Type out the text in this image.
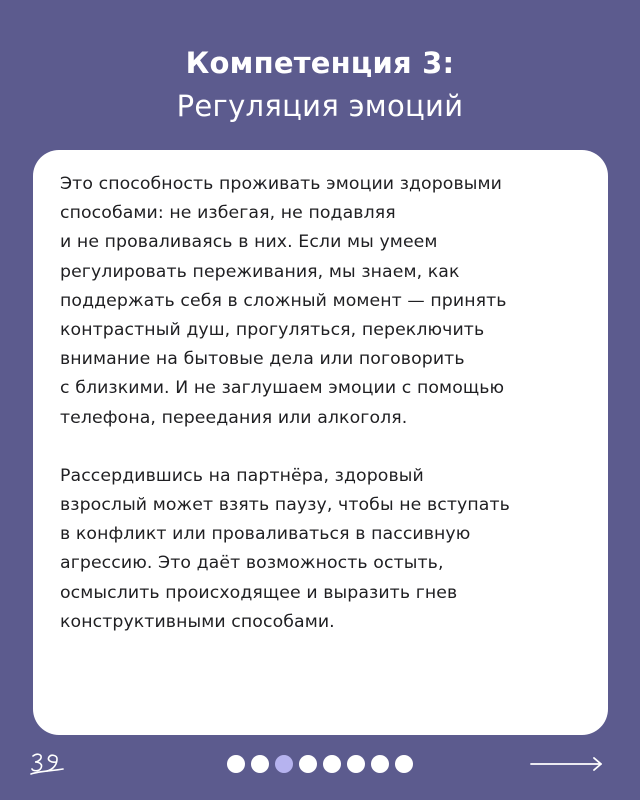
Компетенция 3:
Регуляция эмоций

Это способность проживать эмоции здоровыми
способами: не избегая, не подавляя
и не проваливаясь в них. Если мы умеем
регулировать переживания, мы знаем, как
поддержать себя в сложный момент — принять
контрастный душ, прогуляться, переключить
внимание на бытовые дела или поговорить
с близкими. И не заглушаем эмоции с помощью
телефона, переедания или алкоголя.

Рассердившись на партнёра, здоровый
взрослый может взять паузу, чтобы не вступать
в конфликт или проваливаться в пассивную
агрессию. Это даёт возможность остыть,
осмыслить происходящее и выразить гнев
конструктивными способами.
